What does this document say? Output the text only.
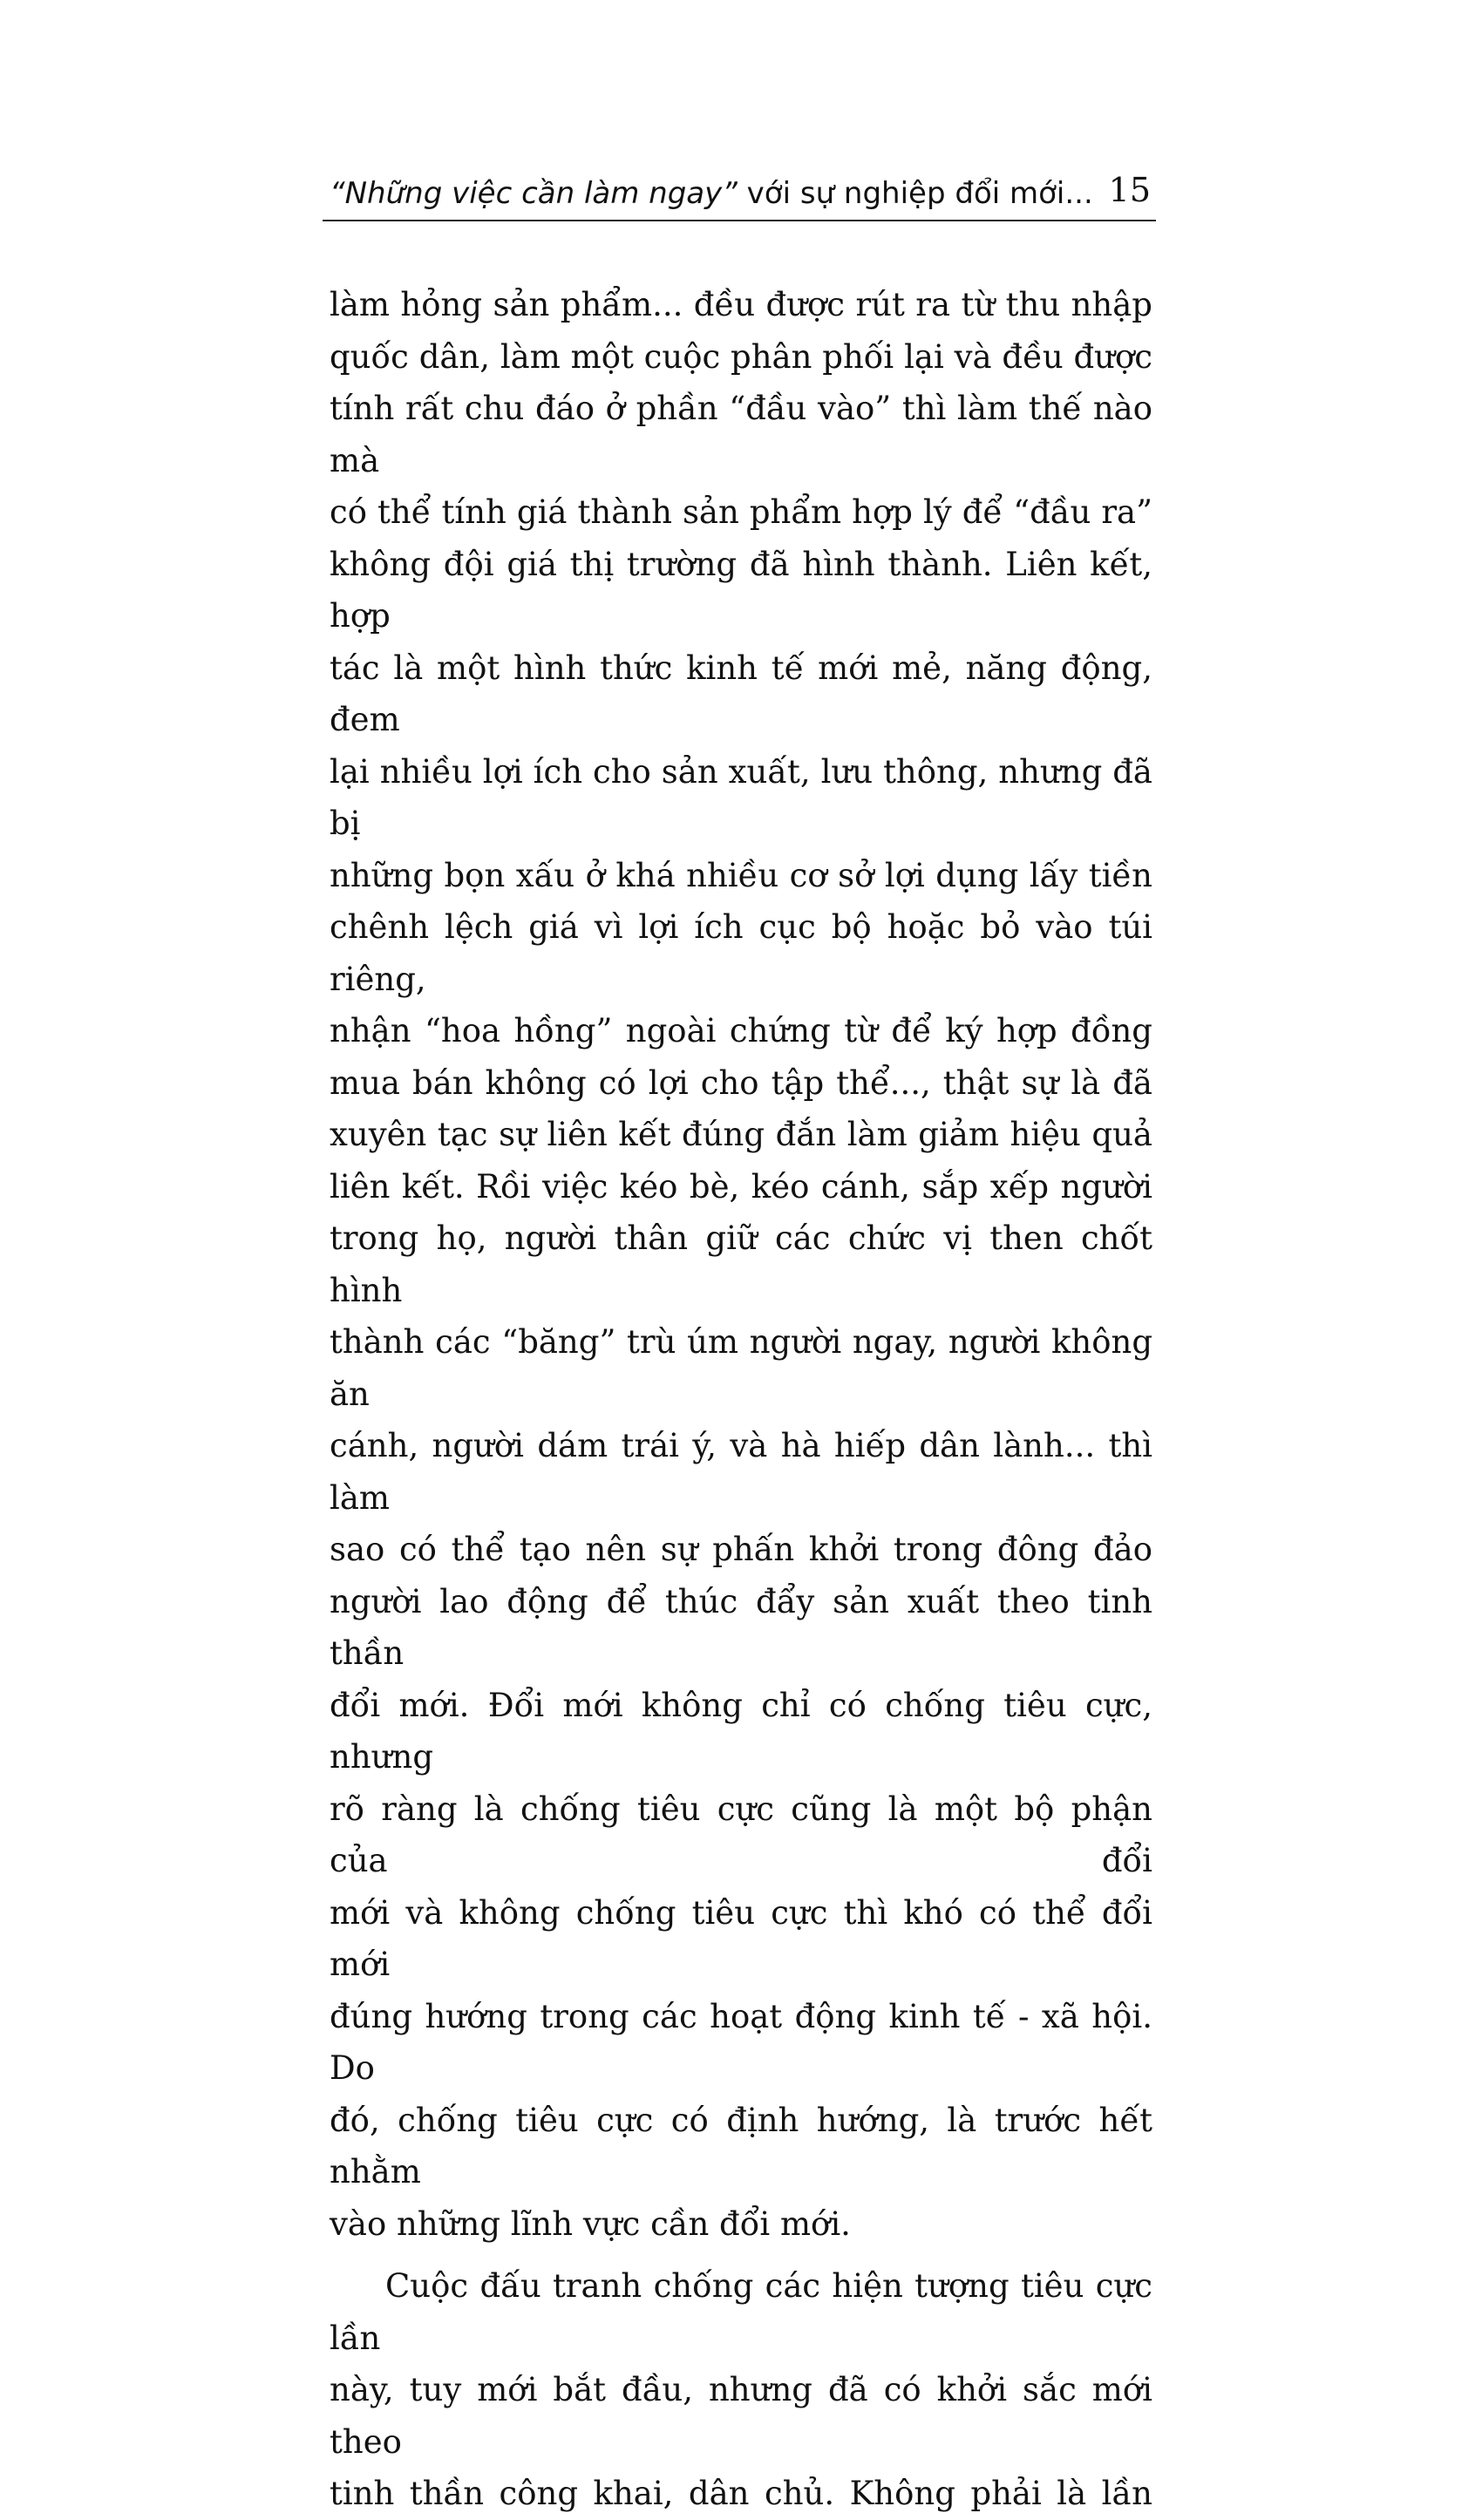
“Những việc cần làm ngay” với sự nghiệp đổi mới... 15

làm hỏng sản phẩm... đều được rút ra từ thu nhập

quốc dân, làm một cuộc phân phối lại và đều được

tính rất chu đáo ở phần “đầu vào” thì làm thế nào mà

có thể tính giá thành sản phẩm hợp lý để “đầu ra”

không đội giá thị trường đã hình thành. Liên kết, hợp

tác là một hình thức kinh tế mới mẻ, năng động, đem

lại nhiều lợi ích cho sản xuất, lưu thông, nhưng đã bị

những bọn xấu ở khá nhiều cơ sở lợi dụng lấy tiền

chênh lệch giá vì lợi ích cục bộ hoặc bỏ vào túi riêng,

nhận “hoa hồng” ngoài chứng từ để ký hợp đồng

mua bán không có lợi cho tập thể..., thật sự là đã

xuyên tạc sự liên kết đúng đắn làm giảm hiệu quả

liên kết. Rồi việc kéo bè, kéo cánh, sắp xếp người

trong họ, người thân giữ các chức vị then chốt hình

thành các “băng” trù úm người ngay, người không ăn

cánh, người dám trái ý, và hà hiếp dân lành... thì làm

sao có thể tạo nên sự phấn khởi trong đông đảo

người lao động để thúc đẩy sản xuất theo tinh thần

đổi mới. Đổi mới không chỉ có chống tiêu cực, nhưng

rõ ràng là chống tiêu cực cũng là một bộ phận của đổi

mới và không chống tiêu cực thì khó có thể đổi mới

đúng hướng trong các hoạt động kinh tế - xã hội. Do

đó, chống tiêu cực có định hướng, là trước hết nhằm

vào những lĩnh vực cần đổi mới.

Cuộc đấu tranh chống các hiện tượng tiêu cực lần

này, tuy mới bắt đầu, nhưng đã có khởi sắc mới theo

tinh thần công khai, dân chủ. Không phải là lần
